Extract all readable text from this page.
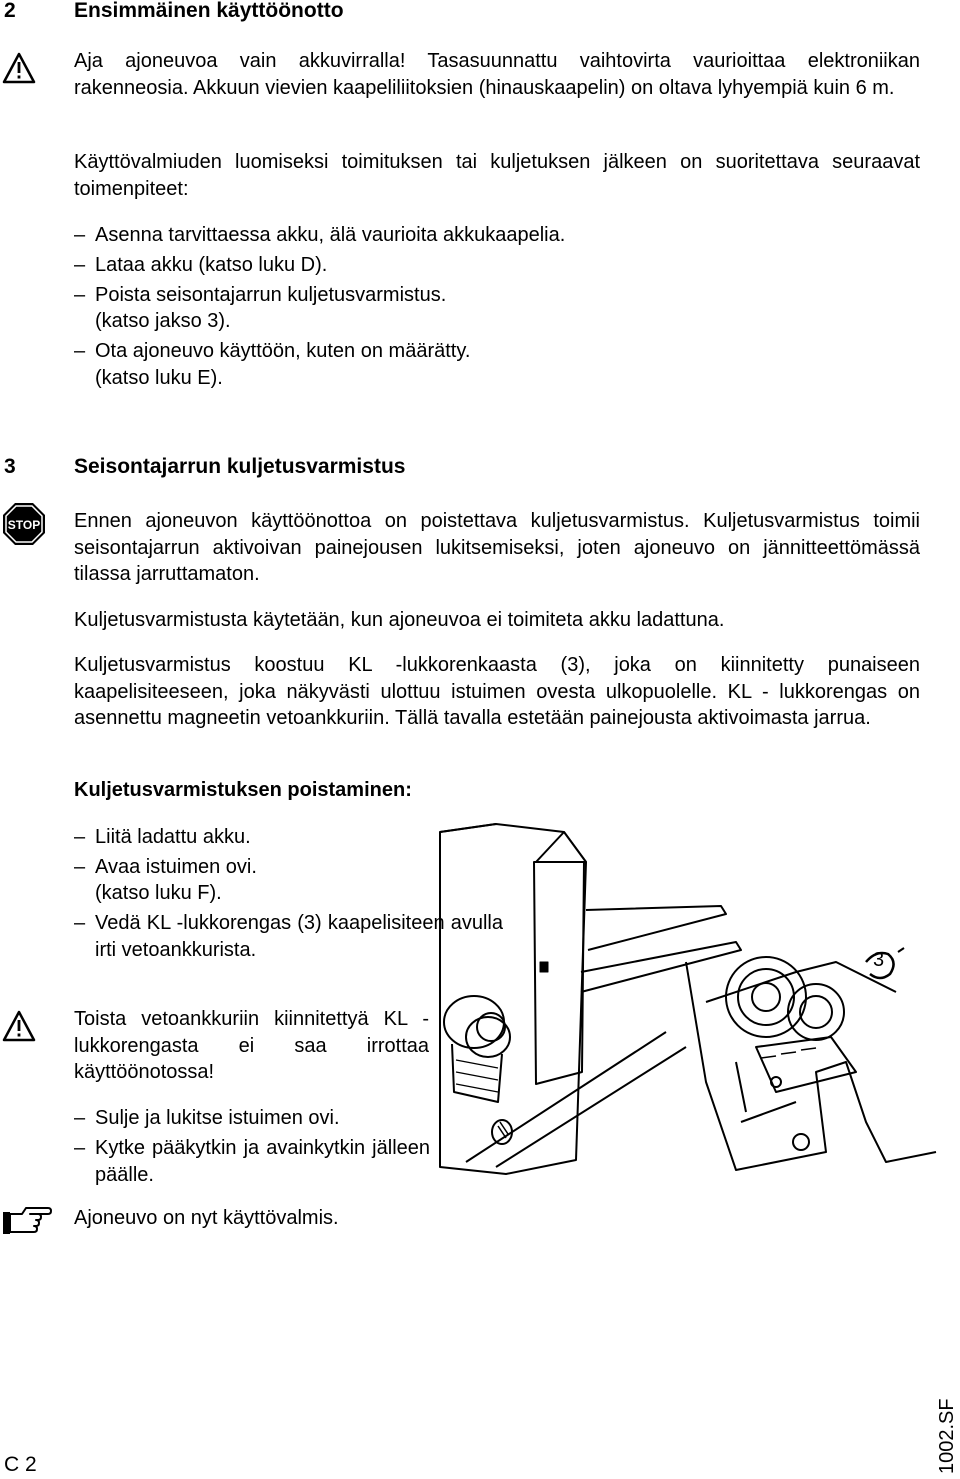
2	Ensimmäinen käyttöönotto
Aja ajoneuvoa vain akkuvirralla! Tasasuunnattu vaihtovirta vaurioittaa elektroniikan rakenneosia. Akkuun vievien kaapeliliitoksien (hinauskaapelin) on oltava lyhyempiä kuin 6 m.
Käyttövalmiuden luomiseksi toimituksen tai kuljetuksen jälkeen on suoritettava seuraavat toimenpiteet:
– Asenna tarvittaessa akku, älä vaurioita akkukaapelia.
– Lataa akku (katso luku D).
– Poista seisontajarrun kuljetusvarmistus.
(katso jakso 3).
– Ota ajoneuvo käyttöön, kuten on määrätty.
(katso luku E).
3	Seisontajarrun kuljetusvarmistus
STOP Ennen ajoneuvon käyttöönottoa on poistettava kuljetusvarmistus. Kuljetusvarmistus toimii seisontajarrun aktivoivan painejousen lukitsemiseksi, joten ajoneuvo on jännitteettömässä tilassa jarruttamaton.
Kuljetusvarmistusta käytetään, kun ajoneuvoa ei toimiteta akku ladattuna.
Kuljetusvarmistus koostuu KL -lukkorenkaasta (3), joka on kiinnitetty punaiseen kaapelisiteeseen, joka näkyvästi ulottuu istuimen ovesta ulkopuolelle. KL - lukkorengas on asennettu magneetin vetoankkuriin. Tällä tavalla estetään painejousta aktivoimasta jarrua.
Kuljetusvarmistuksen poistaminen:
– Liitä ladattu akku.
– Avaa istuimen ovi.
(katso luku F).
– Vedä KL -lukkorengas (3) kaapelisiteen avulla irti vetoankkurista.
Toista vetoankkuriin kiinnitettyä KL -lukkorengasta ei saa irrottaa käyttöönotossa!
– Sulje ja lukitse istuimen ovi.
– Kytke pääkytkin ja avainkytkin jälleen päälle.
Ajoneuvo on nyt käyttövalmis.
3
C 2	1002.SF
